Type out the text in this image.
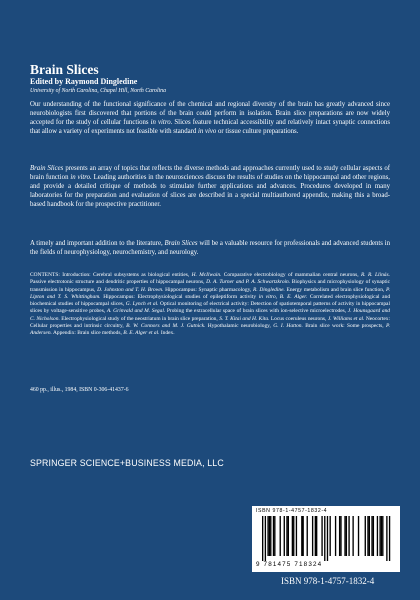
Brain Slices
Edited by Raymond Dingledine
University of North Carolina, Chapel Hill, North Carolina

Our understanding of the functional significance of the chemical and regional diversity of the brain has greatly advanced since neurobiologists first discovered that portions of the brain could perform in isolation. Brain slice preparations are now widely accepted for the study of cellular functions in vitro. Slices feature technical accessibility and relatively intact synaptic connections that allow a variety of experiments not feasible with standard in vivo or tissue culture preparations.

Brain Slices presents an array of topics that reflects the diverse methods and approaches currently used to study cellular aspects of brain function in vitro. Leading authorities in the neurosciences discuss the results of studies on the hippocampal and other regions, and provide a detailed critique of methods to stimulate further applications and advances. Procedures developed in many laboratories for the preparation and evaluation of slices are described in a special multiauthored appendix, making this a broad-based handbook for the prospective practitioner.

A timely and important addition to the literature, Brain Slices will be a valuable resource for professionals and advanced students in the fields of neurophysiology, neurochemistry, and neurology.

CONTENTS: Introduction: Cerebral subsystems as biological entities, H. McIlwain. Comparative electrobiology of mammalian central neurons, R. R. Llinás. Passive electrotonic structure and dendritic properties of hippocampal neurons, D. A. Turner and P. A. Schwartzkroin. Biophysics and microphysiology of synaptic transmission in hippocampus, D. Johnston and T. H. Brown. Hippocampus: Synaptic pharmacology, R. Dingledine. Energy metabolism and brain slice function, P. Lipton and T. S. Whittingham. Hippocampus: Electrophysiological studies of epileptiform activity in vitro, B. E. Alger. Correlated electrophysiological and biochemical studies of hippocampal slices, G. Lynch et al. Optical monitoring of electrical activity: Detection of spatiotemporal patterns of activity in hippocampal slices by voltage-sensitive probes, A. Grinvald and M. Segal. Probing the extracellular space of brain slices with ion-selective microelectrodes, J. Hounsgaard and C. Nicholson. Electrophysiological study of the neostriatum in brain slice preparation, S. T. Kitai and H. Kita. Locus coeruleus neurons, J. Williams et al. Neocortex: Cellular properties and intrinsic circuitry, B. W. Connors and M. J. Gutnick. Hypothalamic neurobiology, G. I. Hatton. Brain slice work: Some prospects, P. Andersen. Appendix: Brain slice methods, B. E. Alger et al. Index.

460 pp., illus., 1984, ISBN 0-306-41437-6
SPRINGER SCIENCE+BUSINESS MEDIA, LLC
ISBN 978-1-4757-1832-4
9 781475 718324
ISBN 978-1-4757-1832-4
